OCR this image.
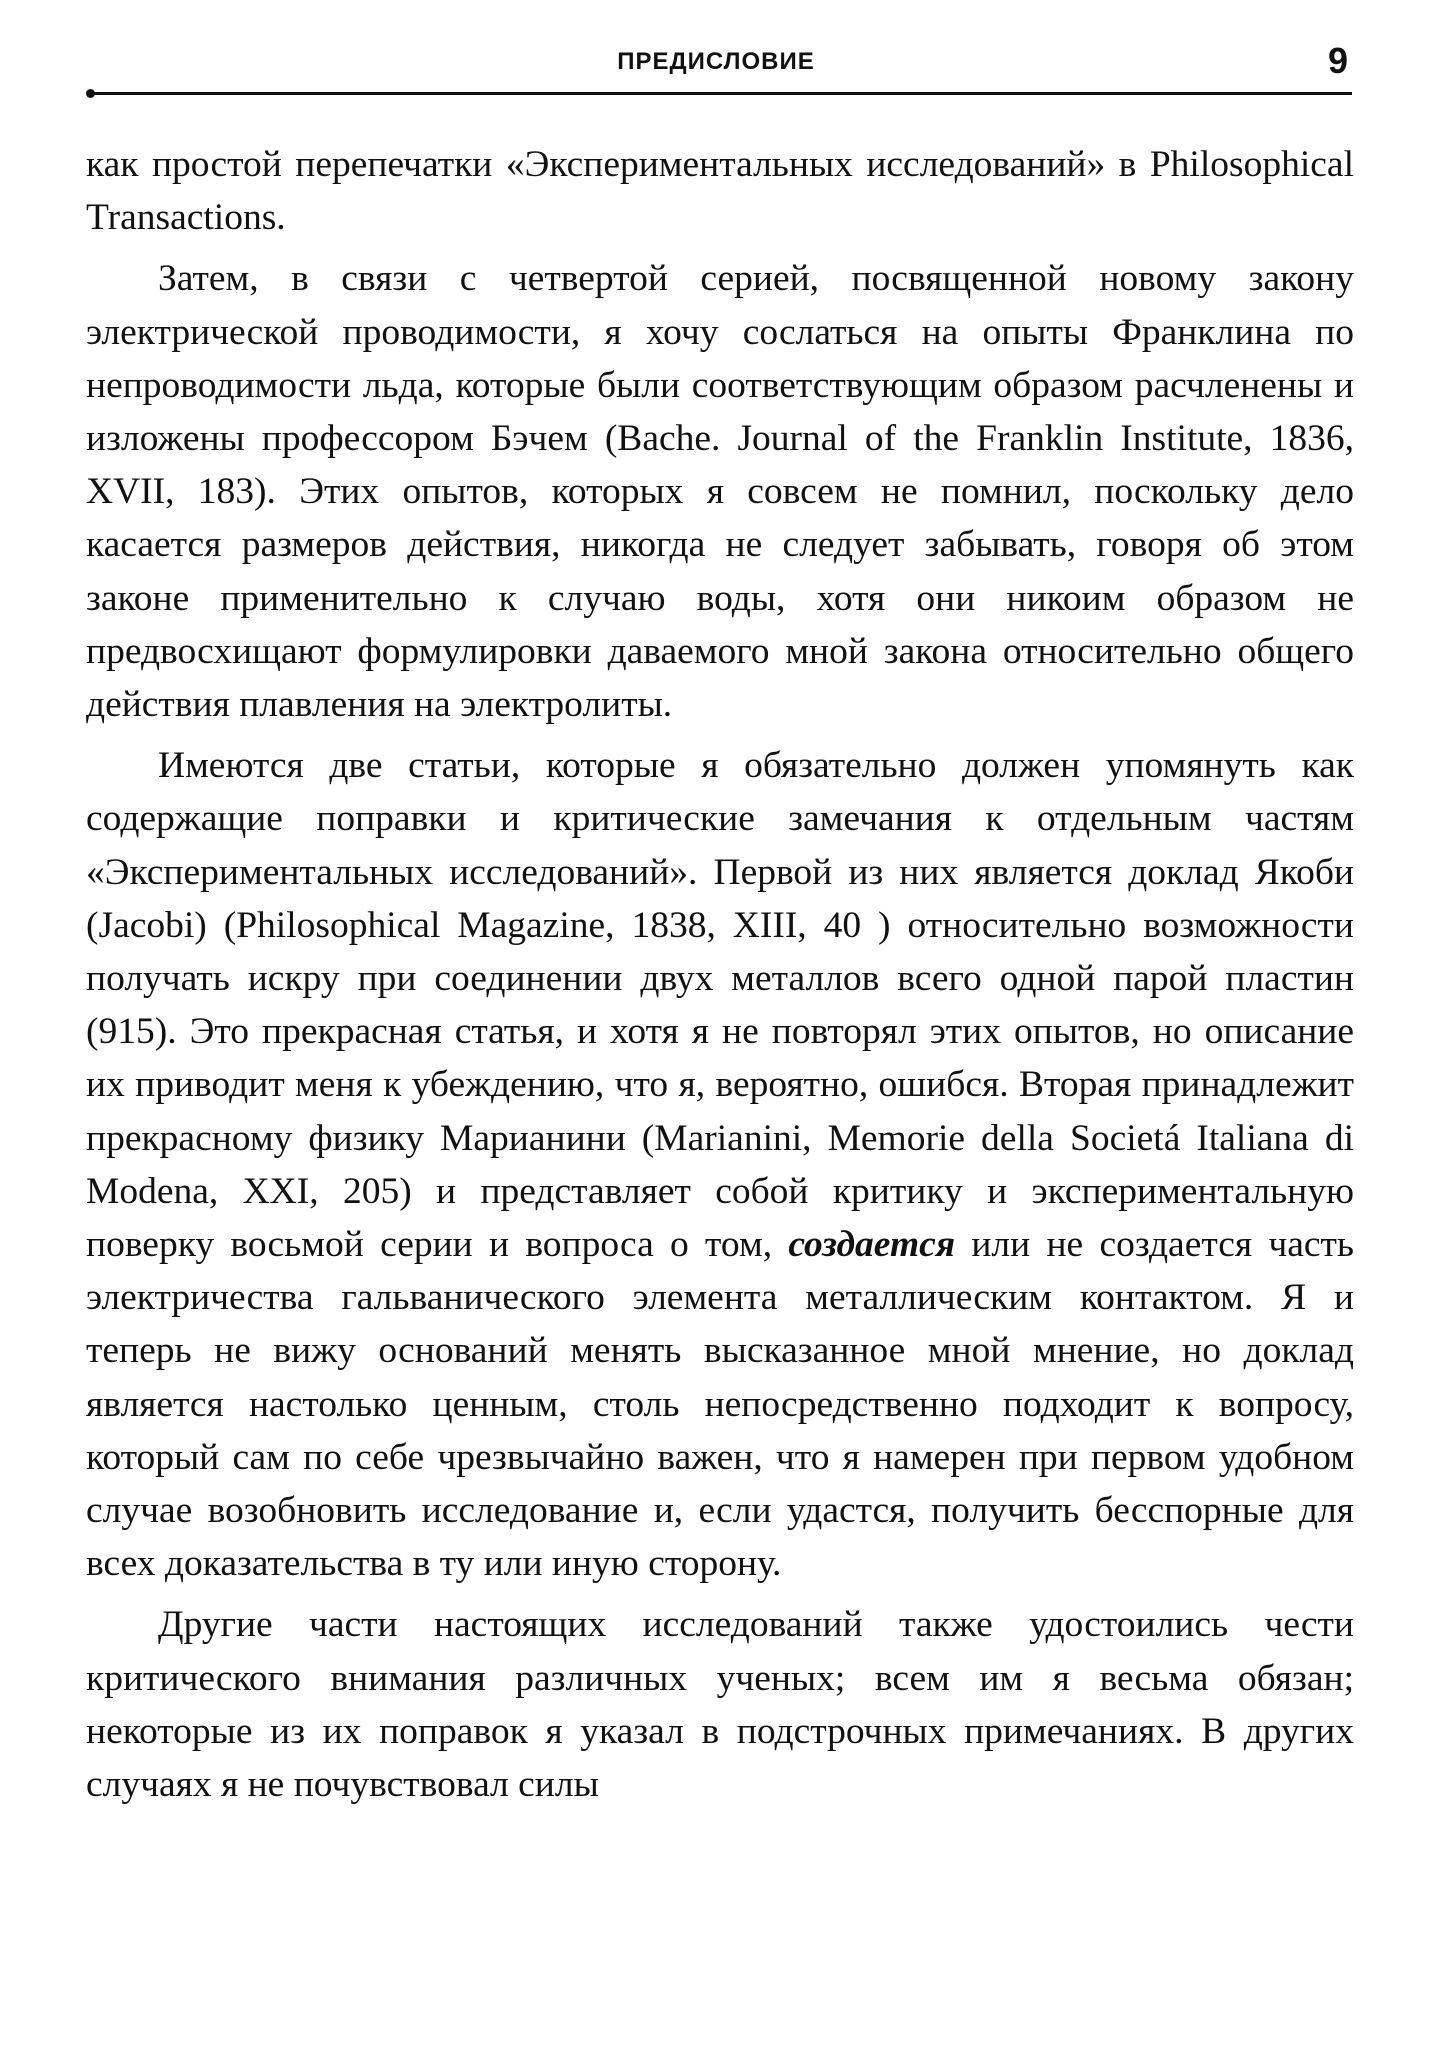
ПРЕДИСЛОВИЕ	9

как простой перепечатки «Экспериментальных исследований» в Philosophical Transactions.

Затем, в связи с четвертой серией, посвященной новому закону электрической проводимости, я хочу сослаться на опыты Франклина по непроводимости льда, которые были соответствующим образом расчленены и изложены профессором Бэчем (Bache. Journal of the Franklin Institute, 1836, XVII, 183). Этих опытов, которых я совсем не помнил, поскольку дело касается размеров действия, никогда не следует забывать, говоря об этом законе применительно к случаю воды, хотя они никоим образом не предвосхищают формулировки даваемого мной закона относительно общего действия плавления на электролиты.

Имеются две статьи, которые я обязательно должен упомянуть как содержащие поправки и критические замечания к отдельным частям «Экспериментальных исследований». Первой из них является доклад Якоби (Jacobi) (Philosophical Magazine, 1838, XIII, 40 ) относительно возможности получать искру при соединении двух металлов всего одной парой пластин (915). Это прекрасная статья, и хотя я не повторял этих опытов, но описание их приводит меня к убеждению, что я, вероятно, ошибся. Вторая принадлежит прекрасному физику Марианини (Marianini, Memorie della Societá Italiana di Modena, XXI, 205) и представляет собой критику и экспериментальную поверку восьмой серии и вопроса о том, создается или не создается часть электричества гальванического элемента металлическим контактом. Я и теперь не вижу оснований менять высказанное мной мнение, но доклад является настолько ценным, столь непосредственно подходит к вопросу, который сам по себе чрезвычайно важен, что я намерен при первом удобном случае возобновить исследование и, если удастся, получить бесспорные для всех доказательства в ту или иную сторону.

Другие части настоящих исследований также удостоились чести критического внимания различных ученых; всем им я весьма обязан; некоторые из их поправок я указал в подстрочных примечаниях. В других случаях я не почувствовал силы
